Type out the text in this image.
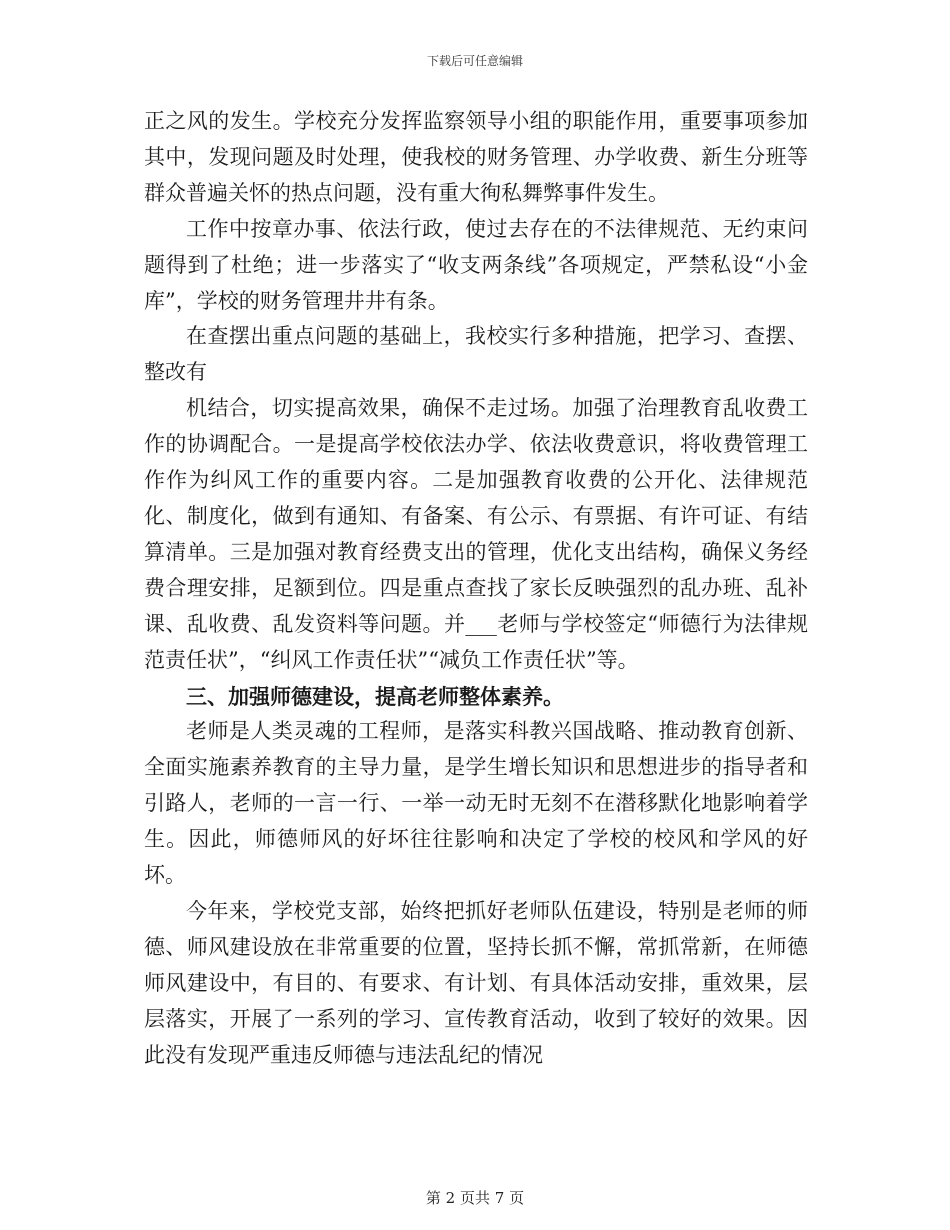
下载后可任意编辑

正之风的发生。学校充分发挥监察领导小组的职能作用，重要事项参加其中，发现问题及时处理，使我校的财务管理、办学收费、新生分班等群众普遍关怀的热点问题，没有重大徇私舞弊事件发生。

工作中按章办事、依法行政，使过去存在的不法律规范、无约束问题得到了杜绝；进一步落实了“收支两条线”各项规定，严禁私设“小金库”，学校的财务管理井井有条。

在查摆出重点问题的基础上，我校实行多种措施，把学习、查摆、整改有

机结合，切实提高效果，确保不走过场。加强了治理教育乱收费工作的协调配合。一是提高学校依法办学、依法收费意识，将收费管理工作作为纠风工作的重要内容。二是加强教育收费的公开化、法律规范化、制度化，做到有通知、有备案、有公示、有票据、有许可证、有结算清单。三是加强对教育经费支出的管理，优化支出结构，确保义务经费合理安排，足额到位。四是重点查找了家长反映强烈的乱办班、乱补课、乱收费、乱发资料等问题。并___老师与学校签定“师德行为法律规范责任状”，“纠风工作责任状”“减负工作责任状”等。

三、加强师德建设，提高老师整体素养。

老师是人类灵魂的工程师，是落实科教兴国战略、推动教育创新、全面实施素养教育的主导力量，是学生增长知识和思想进步的指导者和引路人，老师的一言一行、一举一动无时无刻不在潜移默化地影响着学生。因此，师德师风的好坏往往影响和决定了学校的校风和学风的好坏。

今年来，学校党支部，始终把抓好老师队伍建设，特别是老师的师德、师风建设放在非常重要的位置，坚持长抓不懈，常抓常新，在师德师风建设中，有目的、有要求、有计划、有具体活动安排，重效果，层层落实，开展了一系列的学习、宣传教育活动，收到了较好的效果。因此没有发现严重违反师德与违法乱纪的情况

第 2 页共 7 页
